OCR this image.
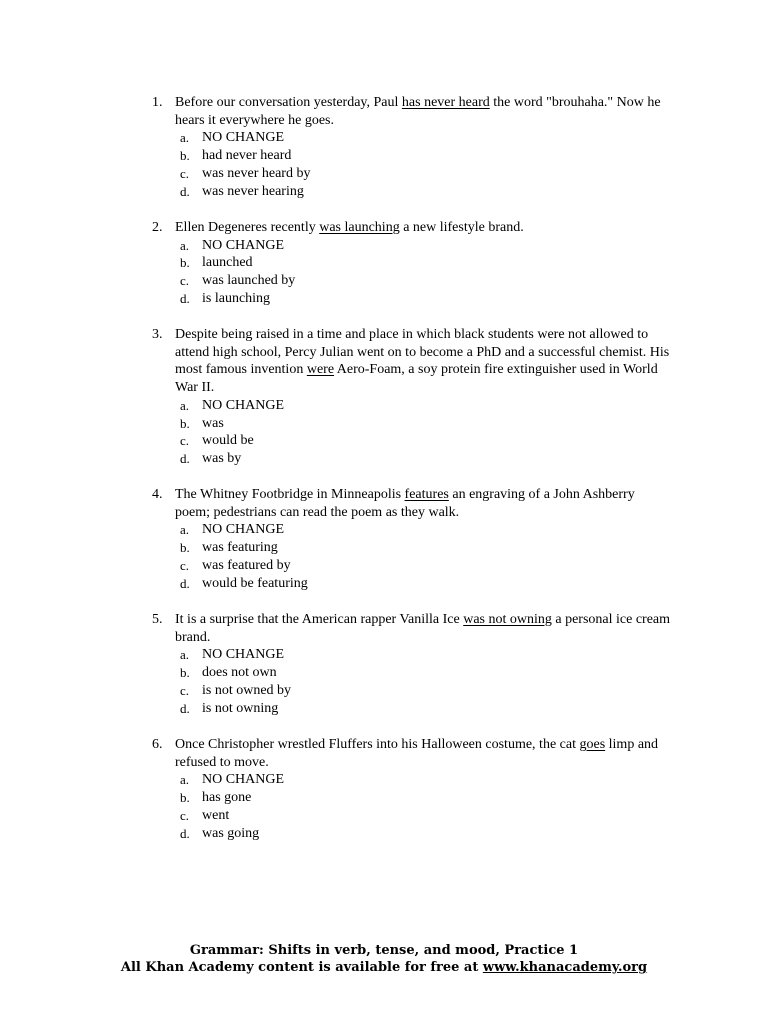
1. Before our conversation yesterday, Paul has never heard the word "brouhaha." Now he hears it everywhere he goes.
a. NO CHANGE
b. had never heard
c. was never heard by
d. was never hearing
2. Ellen Degeneres recently was launching a new lifestyle brand.
a. NO CHANGE
b. launched
c. was launched by
d. is launching
3. Despite being raised in a time and place in which black students were not allowed to attend high school, Percy Julian went on to become a PhD and a successful chemist. His most famous invention were Aero-Foam, a soy protein fire extinguisher used in World War II.
a. NO CHANGE
b. was
c. would be
d. was by
4. The Whitney Footbridge in Minneapolis features an engraving of a John Ashberry poem; pedestrians can read the poem as they walk.
a. NO CHANGE
b. was featuring
c. was featured by
d. would be featuring
5. It is a surprise that the American rapper Vanilla Ice was not owning a personal ice cream brand.
a. NO CHANGE
b. does not own
c. is not owned by
d. is not owning
6. Once Christopher wrestled Fluffers into his Halloween costume, the cat goes limp and refused to move.
a. NO CHANGE
b. has gone
c. went
d. was going
Grammar: Shifts in verb, tense, and mood, Practice 1
All Khan Academy content is available for free at www.khanacademy.org
